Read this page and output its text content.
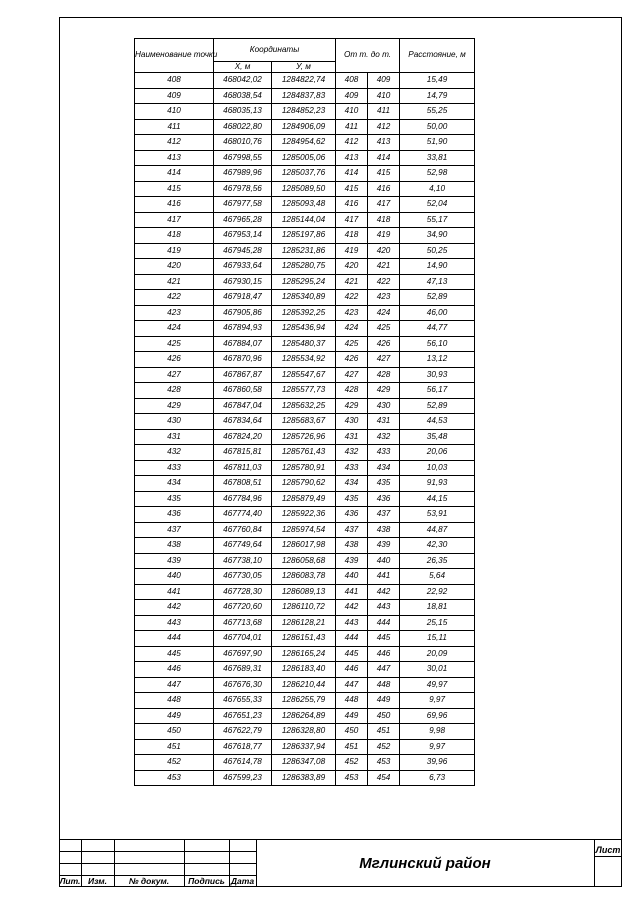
Наименование точки	Координаты		От т. до т.		Расстояние, м
	Х, м	У, м			
408	468042,02	1284822,74	408	409	15,49
409	468038,54	1284837,83	409	410	14,79
410	468035,13	1284852,23	410	411	55,25
411	468022,80	1284906,09	411	412	50,00
412	468010,76	1284954,62	412	413	51,90
413	467998,55	1285005,06	413	414	33,81
414	467989,96	1285037,76	414	415	52,98
415	467978,56	1285089,50	415	416	4,10
416	467977,58	1285093,48	416	417	52,04
417	467965,28	1285144,04	417	418	55,17
418	467953,14	1285197,86	418	419	34,90
419	467945,28	1285231,86	419	420	50,25
420	467933,64	1285280,75	420	421	14,90
421	467930,15	1285295,24	421	422	47,13
422	467918,47	1285340,89	422	423	52,89
423	467905,86	1285392,25	423	424	46,00
424	467894,93	1285436,94	424	425	44,77
425	467884,07	1285480,37	425	426	56,10
426	467870,96	1285534,92	426	427	13,12
427	467867,87	1285547,67	427	428	30,93
428	467860,58	1285577,73	428	429	56,17
429	467847,04	1285632,25	429	430	52,89
430	467834,64	1285683,67	430	431	44,53
431	467824,20	1285726,96	431	432	35,48
432	467815,81	1285761,43	432	433	20,06
433	467811,03	1285780,91	433	434	10,03
434	467808,51	1285790,62	434	435	91,93
435	467784,96	1285879,49	435	436	44,15
436	467774,40	1285922,36	436	437	53,91
437	467760,84	1285974,54	437	438	44,87
438	467749,64	1286017,98	438	439	42,30
439	467738,10	1286058,68	439	440	26,35
440	467730,05	1286083,78	440	441	5,64
441	467728,30	1286089,13	441	442	22,92
442	467720,60	1286110,72	442	443	18,81
443	467713,68	1286128,21	443	444	25,15
444	467704,01	1286151,43	444	445	15,11
445	467697,90	1286165,24	445	446	20,09
446	467689,31	1286183,40	446	447	30,01
447	467676,30	1286210,44	447	448	49,97
448	467655,33	1286255,79	448	449	9,97
449	467651,23	1286264,89	449	450	69,96
450	467622,79	1286328,80	450	451	9,98
451	467618,77	1286337,94	451	452	9,97
452	467614,78	1286347,08	452	453	39,96
453	467599,23	1286383,89	453	454	6,73
Лит. Изм.	№ докум.	Подпись Дата
Мглинский район
Лист
